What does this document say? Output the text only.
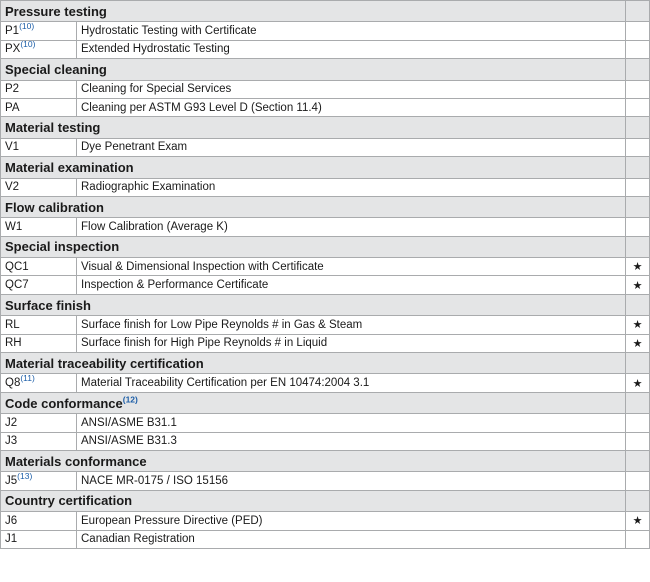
Pressure testing		
P1$^{(10)}$	Hydrostatic Testing with Certificate	
PX$^{(10)}$	Extended Hydrostatic Testing	
Special cleaning		
P2	Cleaning for Special Services	
PA	Cleaning per ASTM G93 Level D (Section 11.4)	
Material testing		
V1	Dye Penetrant Exam	
Material examination		
V2	Radiographic Examination	
Flow calibration		
W1	Flow Calibration (Average K)	
Special inspection		
QC1	Visual & Dimensional Inspection with Certificate	★
QC7	Inspection & Performance Certificate	★
Surface finish		
RL	Surface finish for Low Pipe Reynolds # in Gas & Steam	★
RH	Surface finish for High Pipe Reynolds # in Liquid	★
Material traceability certification		
Q8$^{(11)}$	Material Traceability Certification per EN 10474:2004 3.1	★
Code conformance$^{(12)}$	
J2	ANSI/ASME B31.1	
J3	ANSI/ASME B31.3	
Materials conformance		
J5$^{(13)}$	NACE MR-0175 / ISO 15156	
Country certification		
J6	European Pressure Directive (PED)	★
J1	Canadian Registration	
